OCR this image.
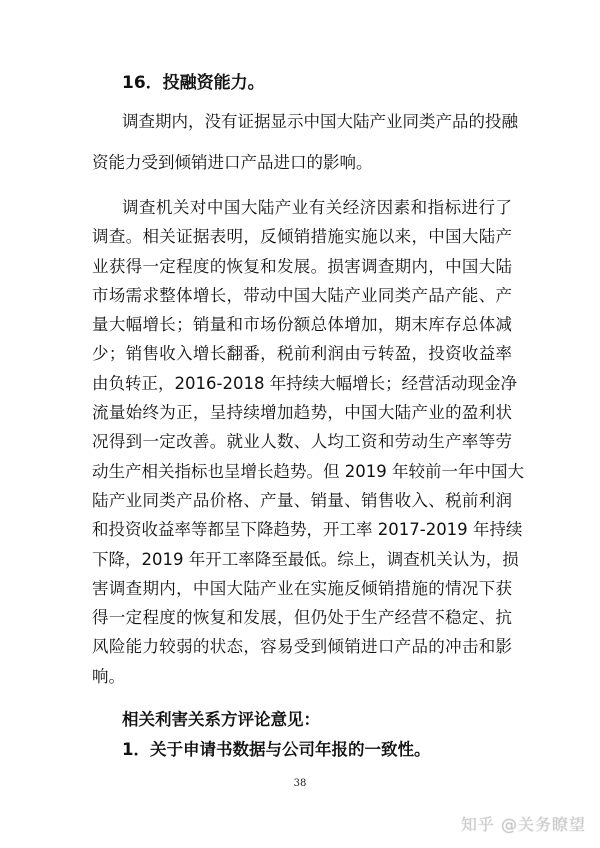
16．投融资能力。
调查期内，没有证据显示中国大陆产业同类产品的投融
资能力受到倾销进口产品进口的影响。
调查机关对中国大陆产业有关经济因素和指标进行了
调查。相关证据表明，反倾销措施实施以来，中国大陆产
业获得一定程度的恢复和发展。损害调查期内，中国大陆
市场需求整体增长，带动中国大陆产业同类产品产能、产
量大幅增长；销量和市场份额总体增加，期末库存总体减
少；销售收入增长翻番，税前利润由亏转盈，投资收益率
由负转正，2016-2018 年持续大幅增长；经营活动现金净
流量始终为正，呈持续增加趋势，中国大陆产业的盈利状
况得到一定改善。就业人数、人均工资和劳动生产率等劳
动生产相关指标也呈增长趋势。但 2019 年较前一年中国大
陆产业同类产品价格、产量、销量、销售收入、税前利润
和投资收益率等都呈下降趋势，开工率 2017-2019 年持续
下降，2019 年开工率降至最低。综上，调查机关认为，损
害调查期内，中国大陆产业在实施反倾销措施的情况下获
得一定程度的恢复和发展，但仍处于生产经营不稳定、抗
风险能力较弱的状态，容易受到倾销进口产品的冲击和影
响。
相关利害关系方评论意见：
1．关于申请书数据与公司年报的一致性。
38
知乎 @关务瞭望
